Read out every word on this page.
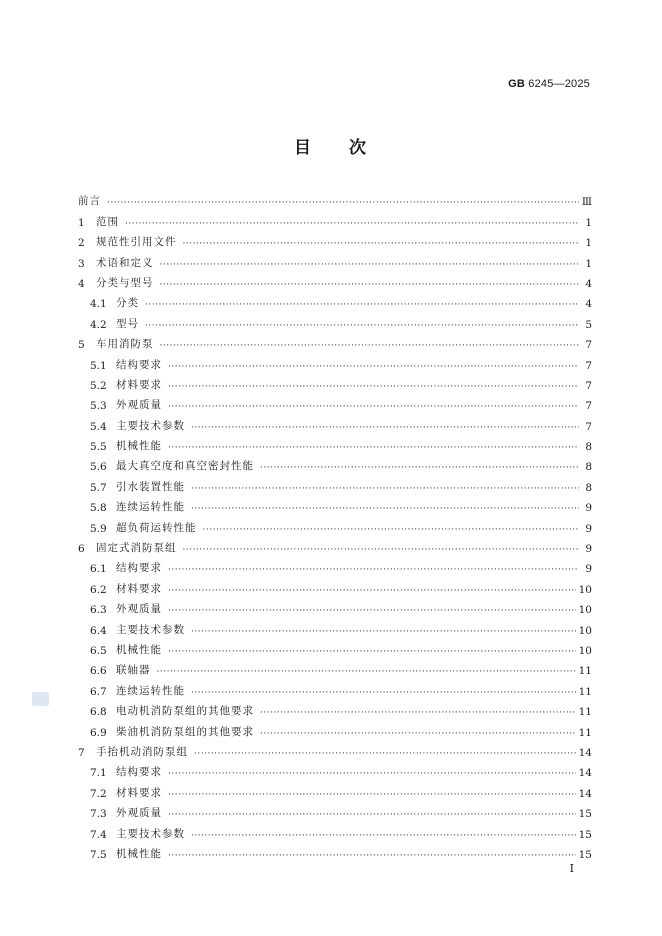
GB 6245—2025
目 次
前言 ·····	Ⅲ
1	范围 ·····	1
2	规范性引用文件 ·····	1
3	术语和定义 ·····	1
4	分类与型号 ·····	4
4.1 分类 ·····	4
4.2 型号 ·····	5
5	车用消防泵 ·····	7
5.1 结构要求 ·····	7
5.2 材料要求 ·····	7
5.3 外观质量 ·····	7
5.4 主要技术参数 ·····	7
5.5 机械性能 ·····	8
5.6 最大真空度和真空密封性能 ·····	8
5.7 引水装置性能 ·····	8
5.8 连续运转性能 ·····	9
5.9 超负荷运转性能 ·····	9
6	固定式消防泵组 ·····	9
6.1 结构要求 ·····	9
6.2 材料要求 ·····	10
6.3 外观质量 ·····	10
6.4 主要技术参数 ·····	10
6.5 机械性能 ·····	10
6.6 联轴器 ·····	11
6.7 连续运转性能 ·····	11
6.8 电动机消防泵组的其他要求 ·····	11
6.9 柴油机消防泵组的其他要求 ·····	11
7	手抬机动消防泵组 ·····	14
7.1 结构要求 ·····	14
7.2 材料要求 ·····	14
7.3 外观质量 ·····	15
7.4 主要技术参数 ·····	15
7.5 机械性能 ·····	15
Ⅰ
